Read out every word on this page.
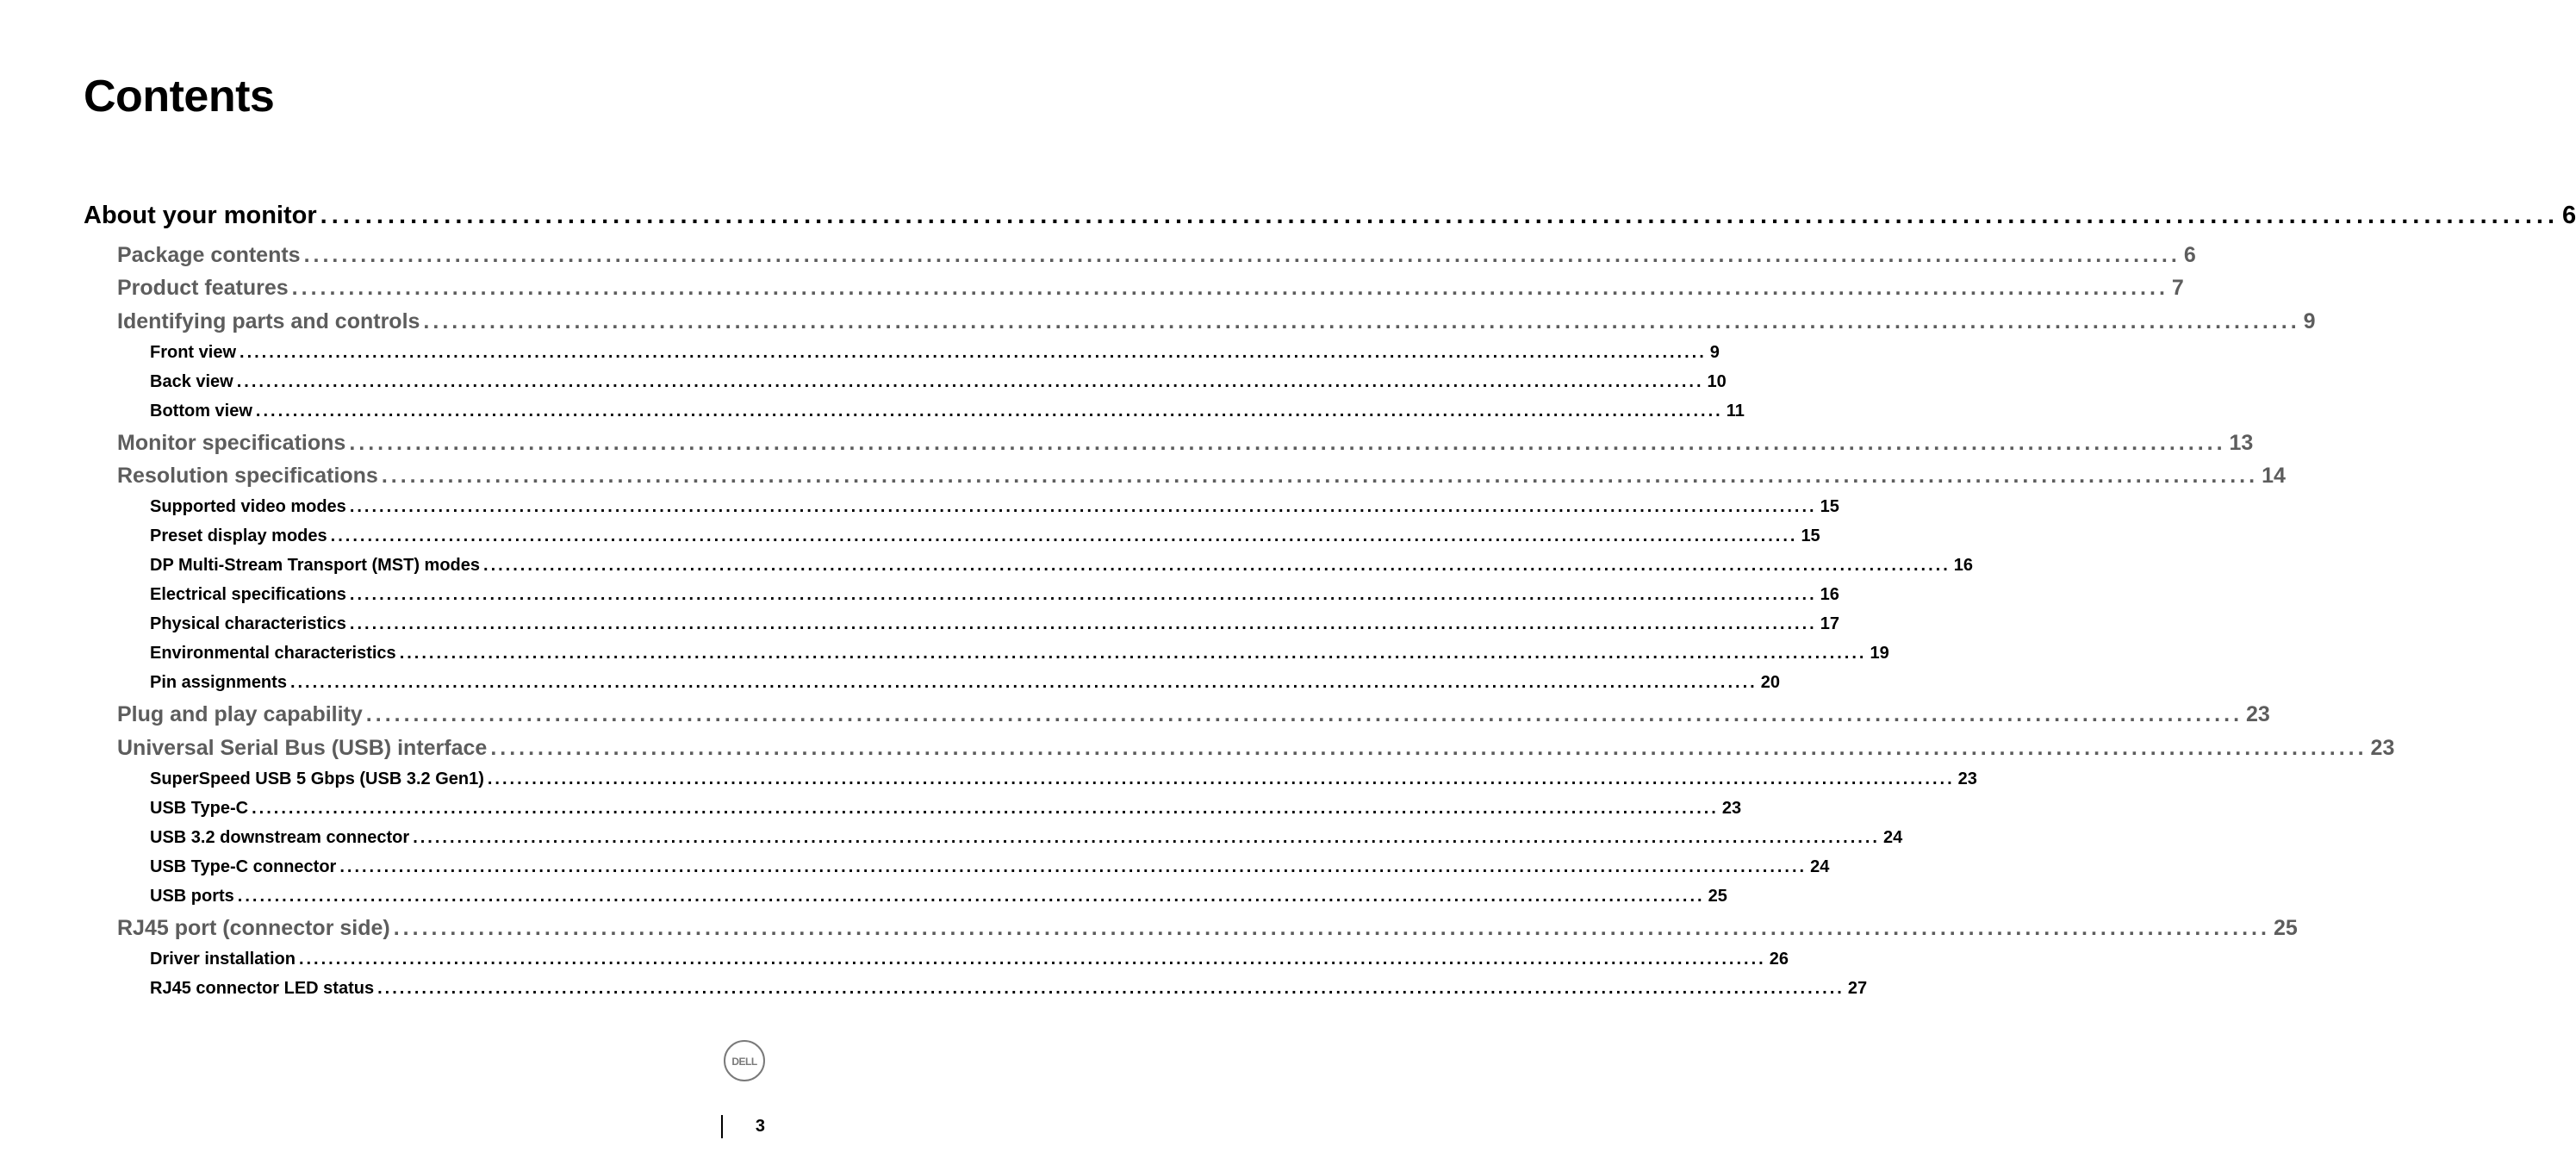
Contents
About your monitor ....................................................................................................................................................................................................... 6
Package contents ....................................................................................................................................................................................................... 6
Product features ....................................................................................................................................................................................................... 7
Identifying parts and controls ....................................................................................................................................................................................................... 9
Front view ....................................................................................................................................................................................................... 9
Back view ....................................................................................................................................................................................................... 10
Bottom view ....................................................................................................................................................................................................... 11
Monitor specifications ....................................................................................................................................................................................................... 13
Resolution specifications ....................................................................................................................................................................................................... 14
Supported video modes ....................................................................................................................................................................................................... 15
Preset display modes ....................................................................................................................................................................................................... 15
DP Multi-Stream Transport (MST) modes ....................................................................................................................................................................................................... 16
Electrical specifications ....................................................................................................................................................................................................... 16
Physical characteristics ....................................................................................................................................................................................................... 17
Environmental characteristics ....................................................................................................................................................................................................... 19
Pin assignments ....................................................................................................................................................................................................... 20
Plug and play capability ....................................................................................................................................................................................................... 23
Universal Serial Bus (USB) interface ....................................................................................................................................................................................................... 23
SuperSpeed USB 5 Gbps (USB 3.2 Gen1) ....................................................................................................................................................................................................... 23
USB Type-C ....................................................................................................................................................................................................... 23
USB 3.2 downstream connector ....................................................................................................................................................................................................... 24
USB Type-C connector ....................................................................................................................................................................................................... 24
USB ports ....................................................................................................................................................................................................... 25
RJ45 port (connector side) ....................................................................................................................................................................................................... 25
Driver installation ....................................................................................................................................................................................................... 26
RJ45 connector LED status ....................................................................................................................................................................................................... 27
DELL
3
